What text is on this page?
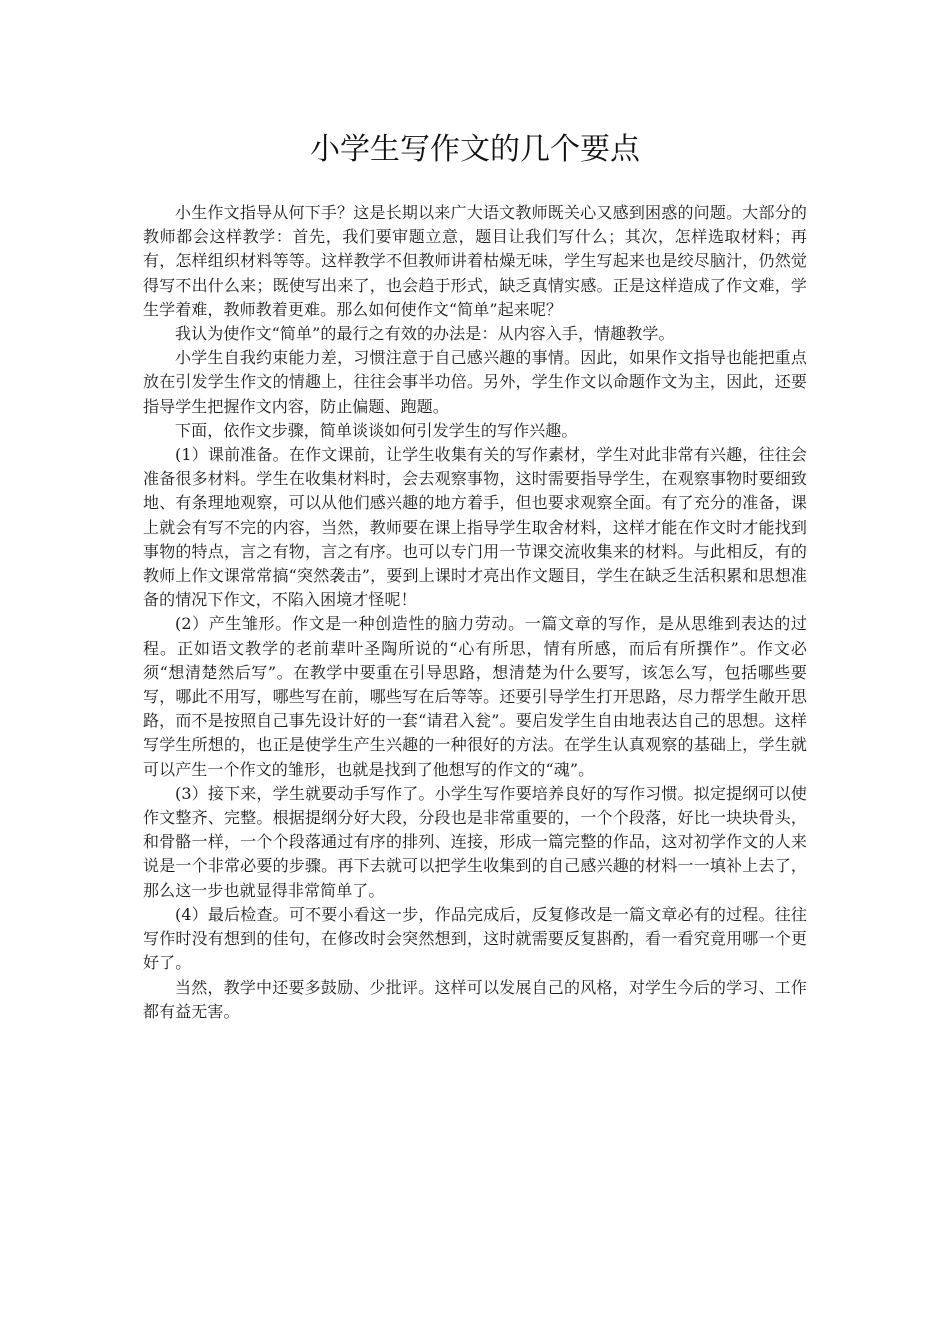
小学生写作文的几个要点

小生作文指导从何下手？这是长期以来广大语文教师既关心又感到困惑的问题。大部分的教师都会这样教学：首先，我们要审题立意，题目让我们写什么；其次，怎样选取材料；再有，怎样组织材料等等。这样教学不但教师讲着枯燥无味，学生写起来也是绞尽脑汁，仍然觉得写不出什么来；既使写出来了，也会趋于形式，缺乏真情实感。正是这样造成了作文难，学生学着难，教师教着更难。那么如何使作文“简单”起来呢？

我认为使作文“简单”的最行之有效的办法是：从内容入手，情趣教学。

小学生自我约束能力差，习惯注意于自己感兴趣的事情。因此，如果作文指导也能把重点放在引发学生作文的情趣上，往往会事半功倍。另外，学生作文以命题作文为主，因此，还要指导学生把握作文内容，防止偏题、跑题。

下面，依作文步骤，简单谈谈如何引发学生的写作兴趣。

(1）课前准备。在作文课前，让学生收集有关的写作素材，学生对此非常有兴趣，往往会准备很多材料。学生在收集材料时，会去观察事物，这时需要指导学生，在观察事物时要细致地、有条理地观察，可以从他们感兴趣的地方着手，但也要求观察全面。有了充分的准备，课上就会有写不完的内容，当然，教师要在课上指导学生取舍材料，这样才能在作文时才能找到事物的特点，言之有物，言之有序。也可以专门用一节课交流收集来的材料。与此相反，有的教师上作文课常常搞“突然袭击”，要到上课时才亮出作文题目，学生在缺乏生活积累和思想准备的情况下作文，不陷入困境才怪呢！

(2）产生雏形。作文是一种创造性的脑力劳动。一篇文章的写作，是从思维到表达的过程。正如语文教学的老前辈叶圣陶所说的“心有所思，情有所感，而后有所撰作”。作文必须“想清楚然后写”。在教学中要重在引导思路，想清楚为什么要写，该怎么写，包括哪些要写，哪此不用写，哪些写在前，哪些写在后等等。还要引导学生打开思路，尽力帮学生敞开思路，而不是按照自己事先设计好的一套“请君入瓮”。要启发学生自由地表达自己的思想。这样写学生所想的，也正是使学生产生兴趣的一种很好的方法。在学生认真观察的基础上，学生就可以产生一个作文的雏形，也就是找到了他想写的作文的“魂”。

(3）接下来，学生就要动手写作了。小学生写作要培养良好的写作习惯。拟定提纲可以使作文整齐、完整。根据提纲分好大段，分段也是非常重要的，一个个段落，好比一块块骨头，和骨骼一样，一个个段落通过有序的排列、连接，形成一篇完整的作品，这对初学作文的人来说是一个非常必要的步骤。再下去就可以把学生收集到的自己感兴趣的材料一一填补上去了，那么这一步也就显得非常简单了。

(4）最后检查。可不要小看这一步，作品完成后，反复修改是一篇文章必有的过程。往往写作时没有想到的佳句，在修改时会突然想到，这时就需要反复斟酌，看一看究竟用哪一个更好了。

当然，教学中还要多鼓励、少批评。这样可以发展自己的风格，对学生今后的学习、工作都有益无害。
